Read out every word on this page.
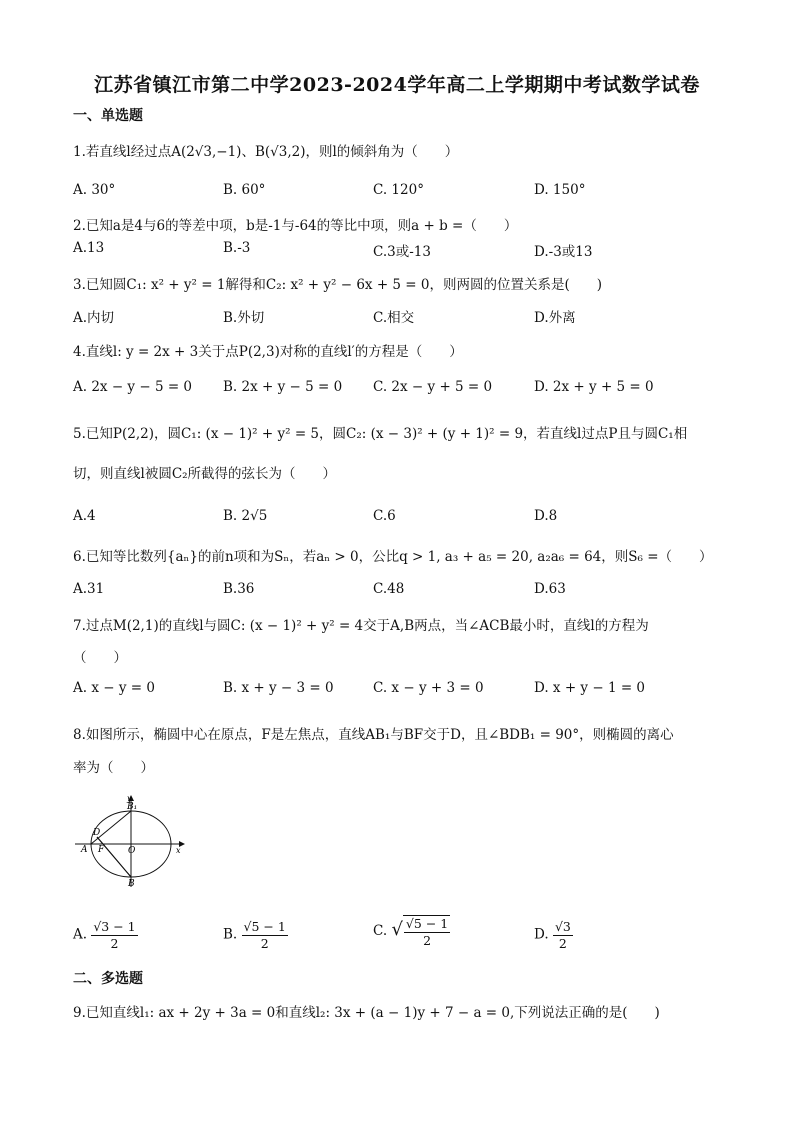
江苏省镇江市第二中学2023-2024学年高二上学期期中考试数学试卷
一、单选题
1.若直线l经过点A(2√3,−1)、B(√3,2)，则l的倾斜角为（　　）
A. 30°	B. 60°	C. 120°	D. 150°
2.已知a是4与6的等差中项，b是-1与-64的等比中项，则a + b =（　　）
A.13	B.-3	C.3或-13	D.-3或13
3.已知圆C₁: x² + y² = 1解得和C₂: x² + y² − 6x + 5 = 0，则两圆的位置关系是(　　)
A.内切	B.外切	C.相交	D.外离
4.直线l: y = 2x + 3关于点P(2,3)对称的直线l′的方程是（　　）
A. 2x − y − 5 = 0 B. 2x + y − 5 = 0 C. 2x − y + 5 = 0	D. 2x + y + 5 = 0
5.已知P(2,2)，圆C₁: (x − 1)² + y² = 5，圆C₂: (x − 3)² + (y + 1)² = 9，若直线l过点P且与圆C₁相
切，则直线l被圆C₂所截得的弦长为（　　）
A.4	B. 2√5	C.6	D.8
6.已知等比数列{aₙ}的前n项和为Sₙ，若aₙ > 0，公比q > 1, a₃ + a₅ = 20, a₂a₆ = 64，则S₆ =（　　）
A.31	B.36	C.48	D.63
7.过点M(2,1)的直线l与圆C: (x − 1)² + y² = 4交于A,B两点，当∠ACB最小时，直线l的方程为
（　　）
A. x − y = 0	B. x + y − 3 = 0	C. x − y + 3 = 0	D. x + y − 1 = 0
8.如图所示，椭圆中心在原点，F是左焦点，直线AB₁与BF交于D，且∠BDB₁ = 90°，则椭圆的离心
率为（　　）
y
x
B₁
D
A F	O
B
A. $\frac{√3 - 1}{2}$	B. $\frac{√5 - 1}{2}$	C. √ $\frac{√5 - 1}{2}$	D. $\frac{√3}{2}$
二、多选题
9.已知直线l₁: ax + 2y + 3a = 0和直线l₂: 3x + (a − 1)y + 7 − a = 0,下列说法正确的是(　　)
